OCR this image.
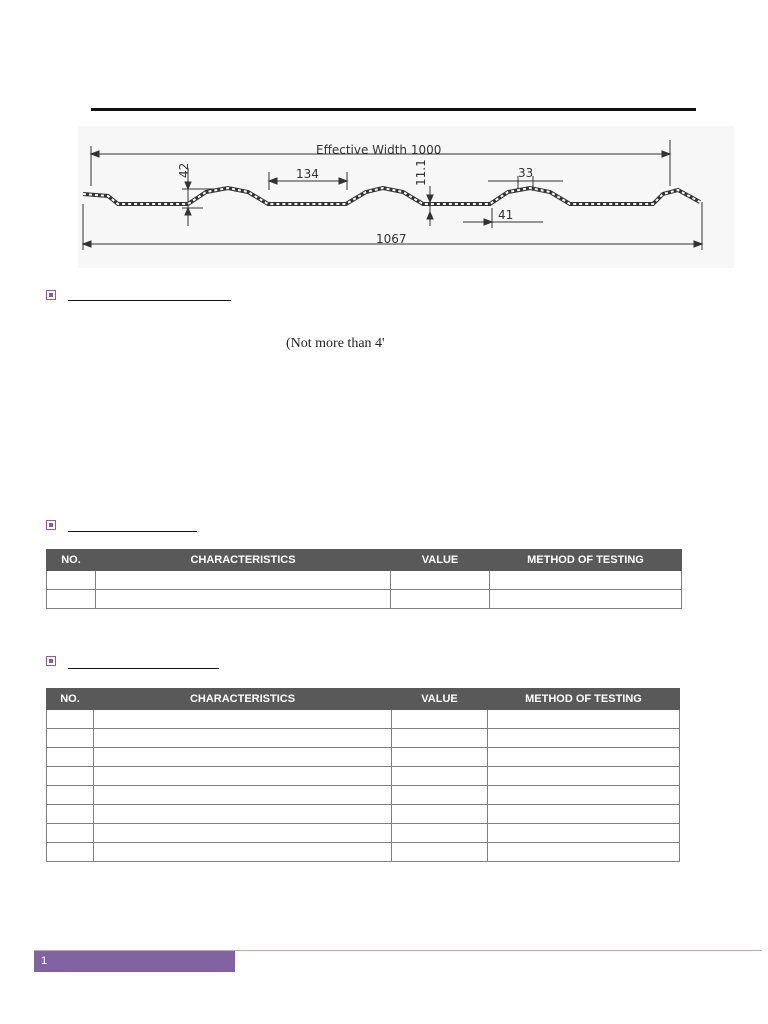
Effective Width 1000
1067
42	134	11.1	33
41
(Not more than 4'
NO.	CHARACTERISTICS	VALUE	METHOD OF TESTING

NO.	CHARACTERISTICS	VALUE	METHOD OF TESTING

1
